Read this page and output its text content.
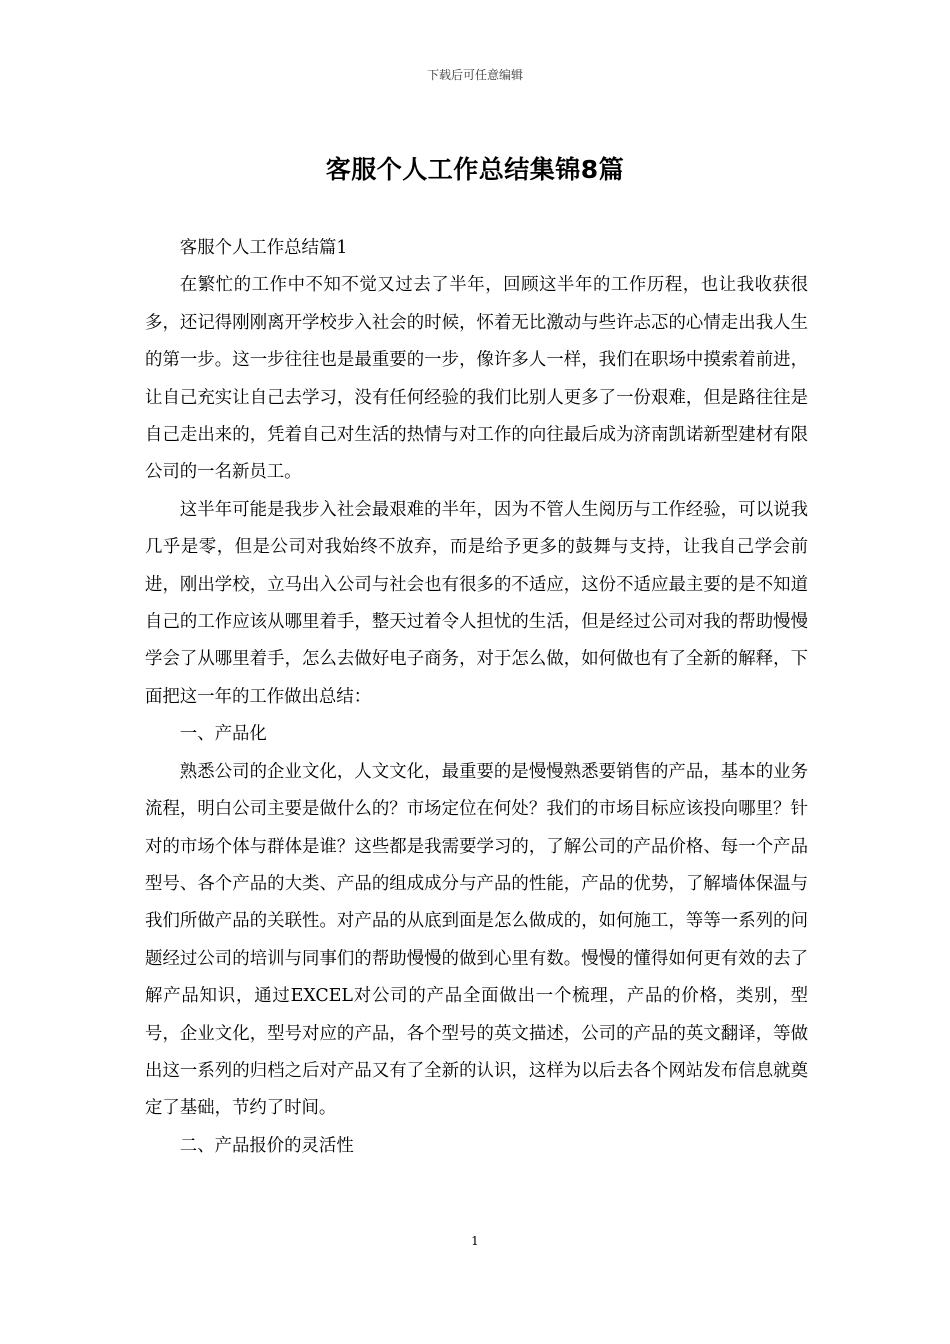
下载后可任意编辑
客服个人工作总结集锦8篇

客服个人工作总结篇1

在繁忙的工作中不知不觉又过去了半年，回顾这半年的工作历程，也让我收获很多，还记得刚刚离开学校步入社会的时候，怀着无比激动与些许忐忑的心情走出我人生的第一步。这一步往往也是最重要的一步，像许多人一样，我们在职场中摸索着前进，让自己充实让自己去学习，没有任何经验的我们比别人更多了一份艰难，但是路往往是自己走出来的，凭着自己对生活的热情与对工作的向往最后成为济南凯诺新型建材有限公司的一名新员工。

这半年可能是我步入社会最艰难的半年，因为不管人生阅历与工作经验，可以说我几乎是零，但是公司对我始终不放弃，而是给予更多的鼓舞与支持，让我自己学会前进，刚出学校，立马出入公司与社会也有很多的不适应，这份不适应最主要的是不知道自己的工作应该从哪里着手，整天过着令人担忧的生活，但是经过公司对我的帮助慢慢学会了从哪里着手，怎么去做好电子商务，对于怎么做，如何做也有了全新的解释，下面把这一年的工作做出总结：

一、产品化

熟悉公司的企业文化，人文文化，最重要的是慢慢熟悉要销售的产品，基本的业务流程，明白公司主要是做什么的？市场定位在何处？我们的市场目标应该投向哪里？针对的市场个体与群体是谁？这些都是我需要学习的，了解公司的产品价格、每一个产品型号、各个产品的大类、产品的组成成分与产品的性能，产品的优势，了解墙体保温与我们所做产品的关联性。对产品的从底到面是怎么做成的，如何施工，等等一系列的问题经过公司的培训与同事们的帮助慢慢的做到心里有数。慢慢的懂得如何更有效的去了解产品知识，通过EXCEL对公司的产品全面做出一个梳理，产品的价格，类别，型号，企业文化，型号对应的产品，各个型号的英文描述，公司的产品的英文翻译，等做出这一系列的归档之后对产品又有了全新的认识，这样为以后去各个网站发布信息就奠定了基础，节约了时间。

二、产品报价的灵活性

1
